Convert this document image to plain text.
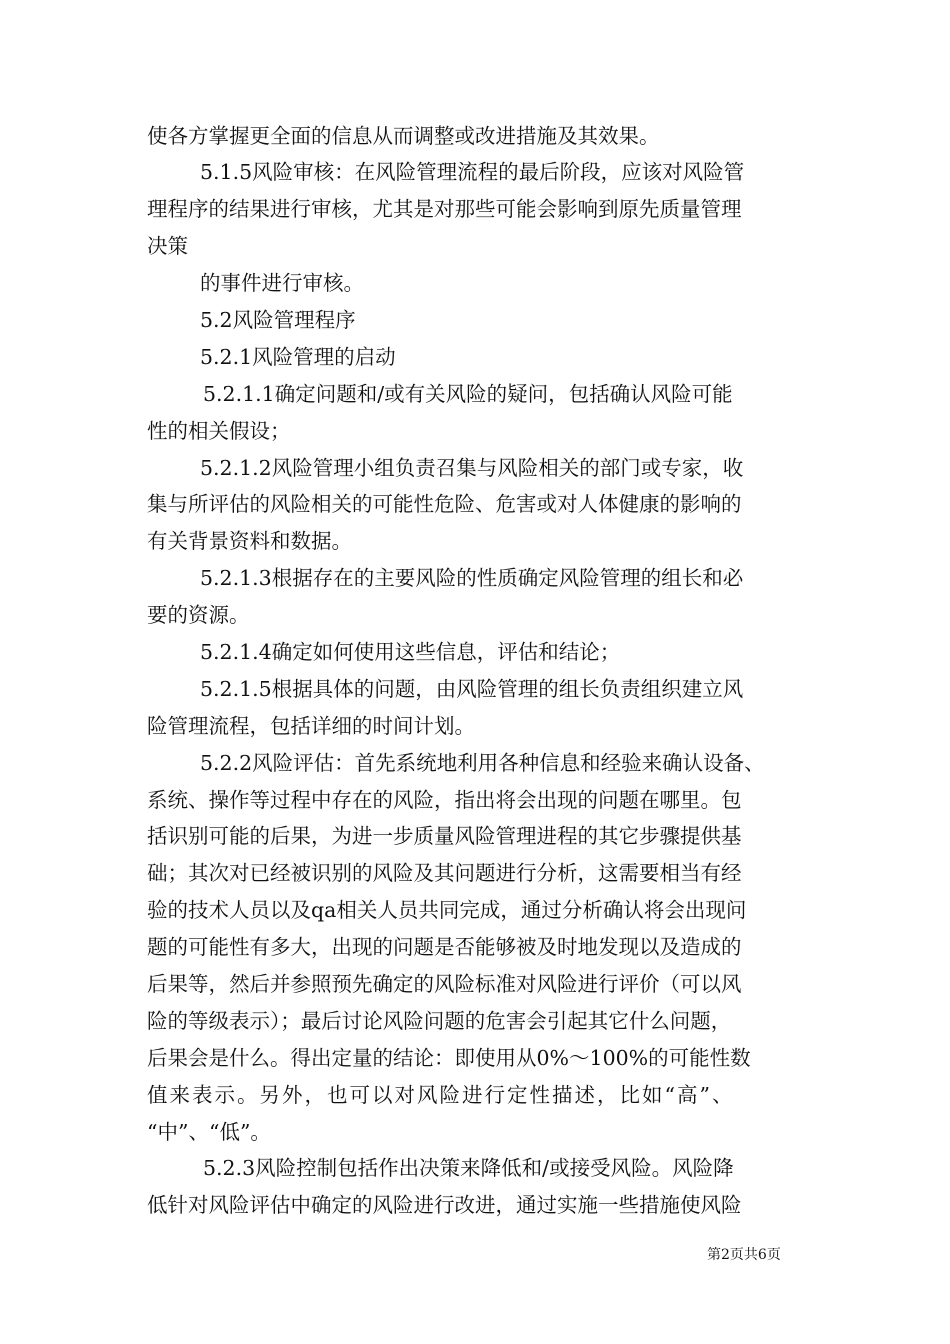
使各方掌握更全面的信息从而调整或改进措施及其效果。
5.1.5风险审核：在风险管理流程的最后阶段，应该对风险管
理程序的结果进行审核，尤其是对那些可能会影响到原先质量管理
决策
的事件进行审核。
5.2风险管理程序
5.2.1风险管理的启动
5.2.1.1确定问题和/或有关风险的疑问，包括确认风险可能
性的相关假设；
5.2.1.2风险管理小组负责召集与风险相关的部门或专家，收
集与所评估的风险相关的可能性危险、危害或对人体健康的影响的
有关背景资料和数据。
5.2.1.3根据存在的主要风险的性质确定风险管理的组长和必
要的资源。
5.2.1.4确定如何使用这些信息，评估和结论；
5.2.1.5根据具体的问题，由风险管理的组长负责组织建立风
险管理流程，包括详细的时间计划。
5.2.2风险评估：首先系统地利用各种信息和经验来确认设备、
系统、操作等过程中存在的风险，指出将会出现的问题在哪里。包
括识别可能的后果，为进一步质量风险管理进程的其它步骤提供基
础；其次对已经被识别的风险及其问题进行分析，这需要相当有经
验的技术人员以及qa相关人员共同完成，通过分析确认将会出现问
题的可能性有多大，出现的问题是否能够被及时地发现以及造成的
后果等，然后并参照预先确定的风险标准对风险进行评价（可以风
险的等级表示）；最后讨论风险问题的危害会引起其它什么问题，
后果会是什么。得出定量的结论：即使用从0%～100%的可能性数
值来表示。另外，也可以对风险进行定性描述，比如“高”、
“中”、“低”。
5.2.3风险控制包括作出决策来降低和/或接受风险。风险降
低针对风险评估中确定的风险进行改进，通过实施一些措施使风险
第2页共6页
